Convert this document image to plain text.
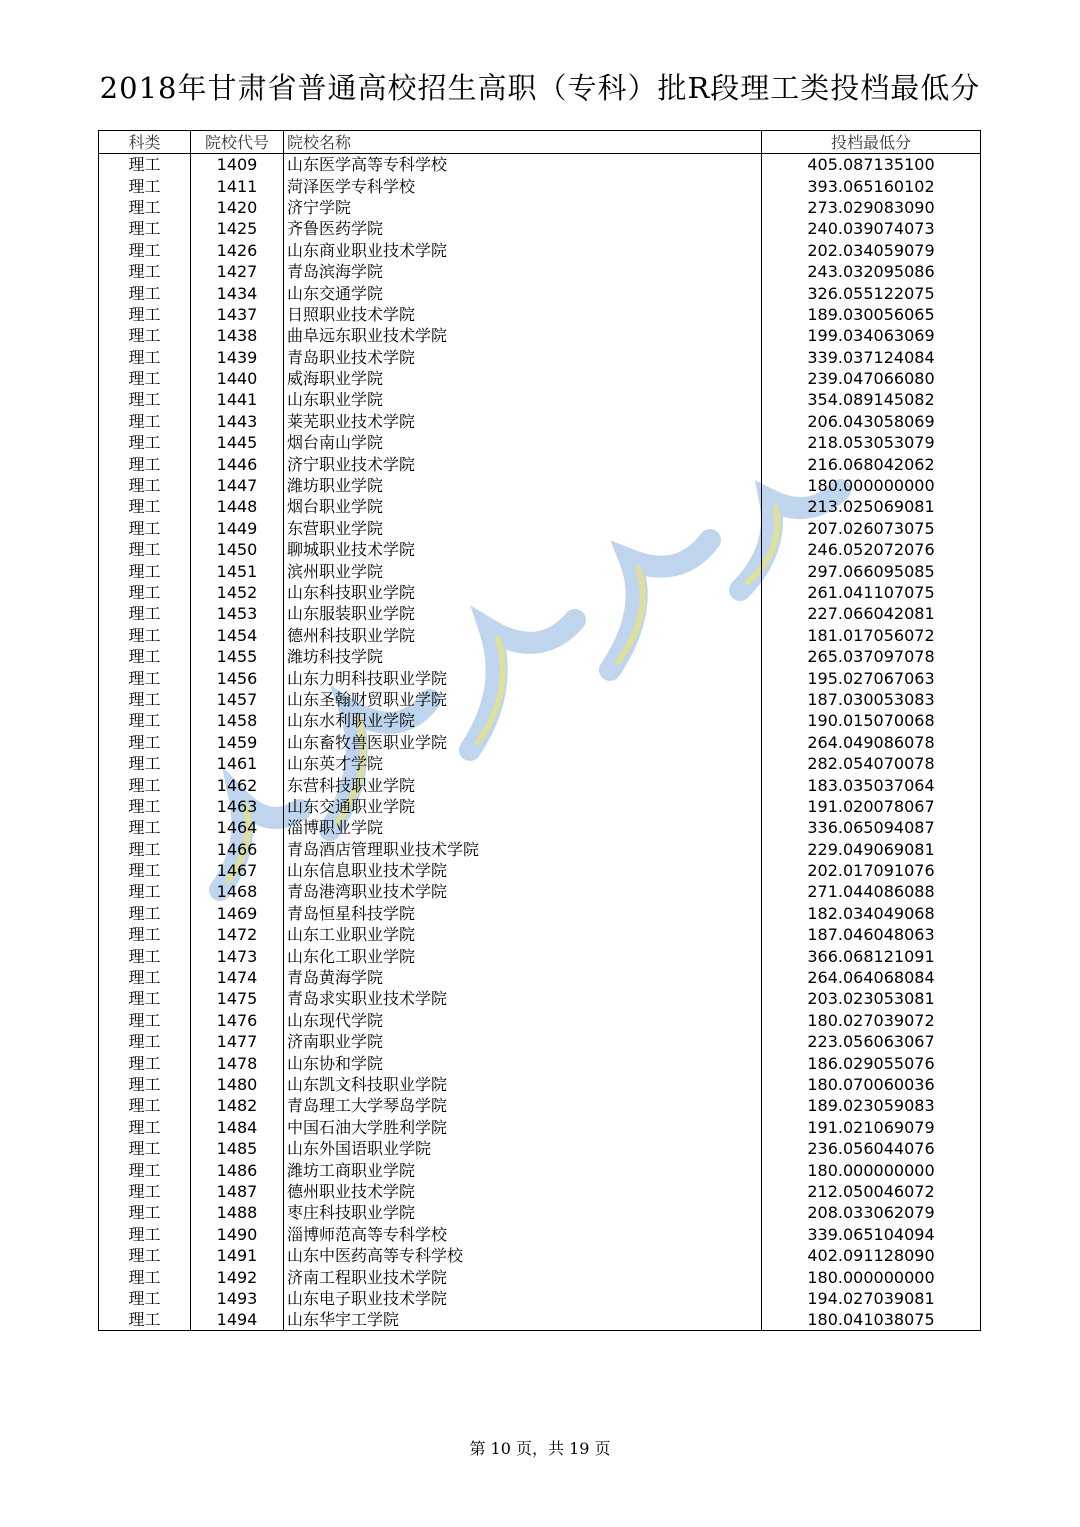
2018年甘肃省普通高校招生高职（专科）批R段理工类投档最低分
科类	院校代号	院校名称	投档最低分
理工	1409	山东医学高等专科学校	405.087135100
理工	1411	菏泽医学专科学校	393.065160102
理工	1420	济宁学院	273.029083090
理工	1425	齐鲁医药学院	240.039074073
理工	1426	山东商业职业技术学院	202.034059079
理工	1427	青岛滨海学院	243.032095086
理工	1434	山东交通学院	326.055122075
理工	1437	日照职业技术学院	189.030056065
理工	1438	曲阜远东职业技术学院	199.034063069
理工	1439	青岛职业技术学院	339.037124084
理工	1440	威海职业学院	239.047066080
理工	1441	山东职业学院	354.089145082
理工	1443	莱芜职业技术学院	206.043058069
理工	1445	烟台南山学院	218.053053079
理工	1446	济宁职业技术学院	216.068042062
理工	1447	潍坊职业学院	180.000000000
理工	1448	烟台职业学院	213.025069081
理工	1449	东营职业学院	207.026073075
理工	1450	聊城职业技术学院	246.052072076
理工	1451	滨州职业学院	297.066095085
理工	1452	山东科技职业学院	261.041107075
理工	1453	山东服装职业学院	227.066042081
理工	1454	德州科技职业学院	181.017056072
理工	1455	潍坊科技学院	265.037097078
理工	1456	山东力明科技职业学院	195.027067063
理工	1457	山东圣翰财贸职业学院	187.030053083
理工	1458	山东水利职业学院	190.015070068
理工	1459	山东畜牧兽医职业学院	264.049086078
理工	1461	山东英才学院	282.054070078
理工	1462	东营科技职业学院	183.035037064
理工	1463	山东交通职业学院	191.020078067
理工	1464	淄博职业学院	336.065094087
理工	1466	青岛酒店管理职业技术学院	229.049069081
理工	1467	山东信息职业技术学院	202.017091076
理工	1468	青岛港湾职业技术学院	271.044086088
理工	1469	青岛恒星科技学院	182.034049068
理工	1472	山东工业职业学院	187.046048063
理工	1473	山东化工职业学院	366.068121091
理工	1474	青岛黄海学院	264.064068084
理工	1475	青岛求实职业技术学院	203.023053081
理工	1476	山东现代学院	180.027039072
理工	1477	济南职业学院	223.056063067
理工	1478	山东协和学院	186.029055076
理工	1480	山东凯文科技职业学院	180.070060036
理工	1482	青岛理工大学琴岛学院	189.023059083
理工	1484	中国石油大学胜利学院	191.021069079
理工	1485	山东外国语职业学院	236.056044076
理工	1486	潍坊工商职业学院	180.000000000
理工	1487	德州职业技术学院	212.050046072
理工	1488	枣庄科技职业学院	208.033062079
理工	1490	淄博师范高等专科学校	339.065104094
理工	1491	山东中医药高等专科学校	402.091128090
理工	1492	济南工程职业技术学院	180.000000000
理工	1493	山东电子职业技术学院	194.027039081
理工	1494	山东华宇工学院	180.041038075
第 10 页，共 19 页
